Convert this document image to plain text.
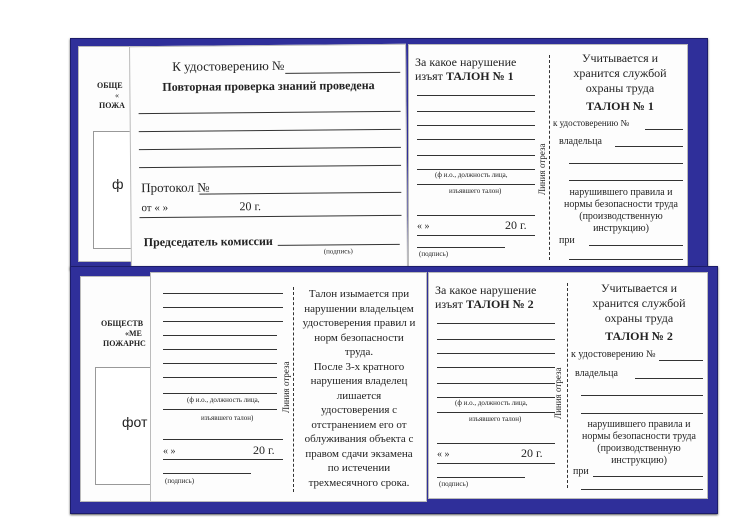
ОБЩЕ
«
ПОЖА
ф
К удостоверению №
Повторная проверка знаний проведена
Протокол №
от « »	20 г.
Председатель комиссии
(подпись)
За какое нарушение
изъят ТАЛОН № 1
(ф и.о., должность лица,
изъявшего талон)
« »	20 г.
(подпись)
Линия отреза
Учитывается и
хранится службой
охраны труда
ТАЛОН № 1
к удостоверению №
владельца
нарушившего правила и
нормы безопасности труда
(производственную
инструкцию)
при
ОБЩЕСТВ
«МЕ
ПОЖАРНС
фот
(ф и.о., должность лица,
изъявшего талон)
« »	20 г.
(подпись)
Линия отреза
Талон изымается при
нарушении владельцем
удостоверения правил и
норм безопасности
труда.
После 3-х кратного
нарушения владелец
лишается
удостоверения с
отстранением его от
облуживания объекта с
правом сдачи экзамена
по истечении
трехмесячного срока.
За какое нарушение
изъят ТАЛОН № 2
(ф и.о., должность лица,
изъявшего талон)
« »	20 г.
(подпись)
Линия отреза
Учитывается и
хранится службой
охраны труда
ТАЛОН № 2
к удостоверению №
владельца
нарушившего правила и
нормы безопасности труда
(производственную
инструкцию)
при
